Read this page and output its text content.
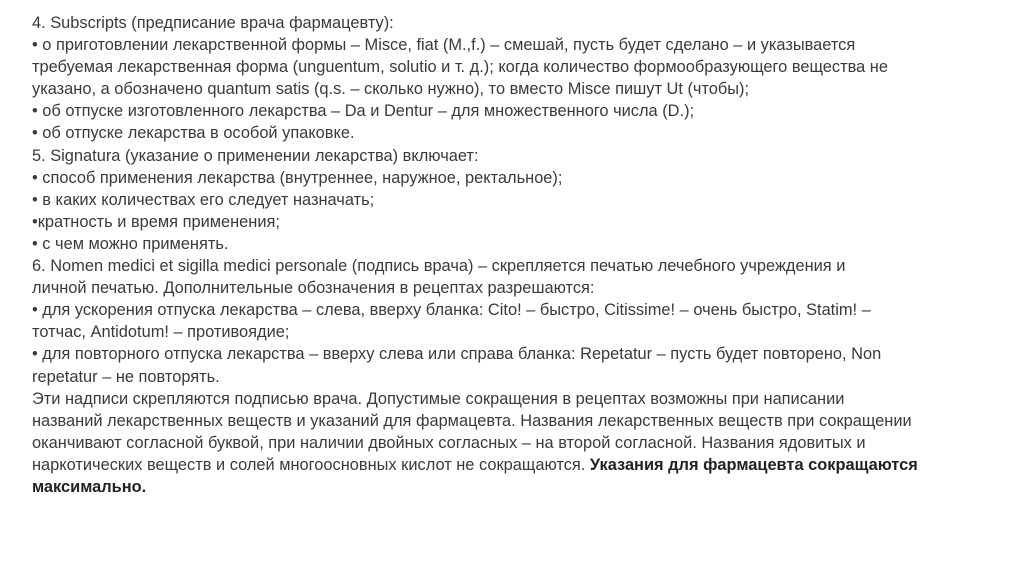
4. Subscripts (предписание врача фармацевту):
• о приготовлении лекарственной формы – Misce, fiat (M.,f.) – смешай, пусть будет сделано – и указывается
требуемая лекарственная форма (unguentum, solutio и т. д.); когда количество формообразующего вещества не
указано, а обозначено quantum satis (q.s. – сколько нужно), то вместо Misce пишут Ut (чтобы);
• об отпуске изготовленного лекарства – Da и Dentur – для множественного числа (D.);
• об отпуске лекарства в особой упаковке.
5. Signatura (указание о применении лекарства) включает:
• способ применения лекарства (внутреннее, наружное, ректальное);
• в каких количествах его следует назначать;
•кратность и время применения;
• с чем можно применять.
6. Nomen medici et sigilla medici personale (подпись врача) – скрепляется печатью лечебного учреждения и
личной печатью. Дополнительные обозначения в рецептах разрешаются:
• для ускорения отпуска лекарства – слева, вверху бланка: Cito! – быстро, Citissime! – очень быстро, Statim! –
тотчас, Antidotum! – противоядие;
• для повторного отпуска лекарства – вверху слева или справа бланка: Repetatur – пусть будет повторено, Non
repetatur – не повторять.
Эти надписи скрепляются подписью врача. Допустимые сокращения в рецептах возможны при написании
названий лекарственных веществ и указаний для фармацевта. Названия лекарственных веществ при сокращении
оканчивают согласной буквой, при наличии двойных согласных – на второй согласной. Названия ядовитых и
наркотических веществ и солей многоосновных кислот не сокращаются. Указания для фармацевта сокращаются
максимально.
